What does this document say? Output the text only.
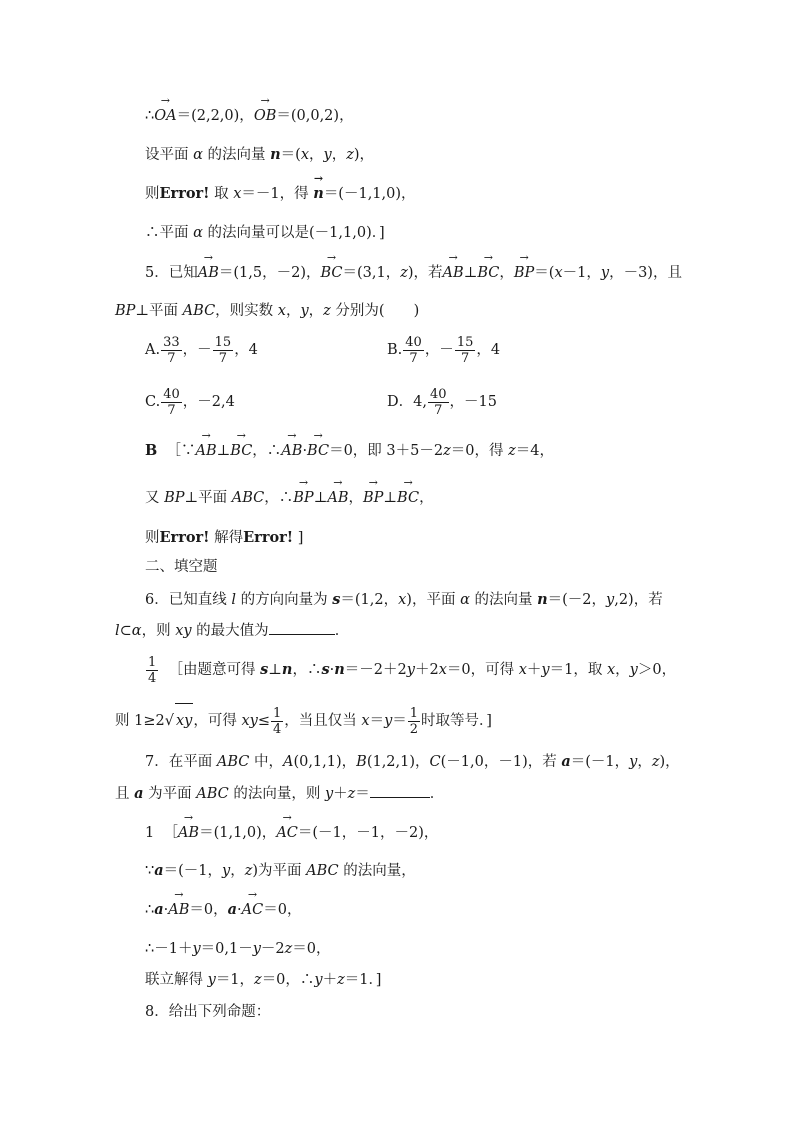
∴→ OA＝(2,2,0)，→ OB＝(0,0,2)，
设平面 α 的法向量 n＝(x，y，z)，
则Error! 取 x＝－1，得 → n＝(－1,1,0)，
∴平面 α 的法向量可以是(－1,1,0)．]
5．已知→ AB＝(1,5，－2)，→ BC＝(3,1，z)，若→ AB⊥→ BC，→ BP＝(x－1，y，－3)，且
BP⊥平面 ABC，则实数 x，y，z 分别为(　　)
A. $\frac{33}{7}$ ，－ $\frac{15}{7}$ ，4	B. $\frac{40}{7}$ ，－ $\frac{15}{7}$ ，4
C. $\frac{40}{7}$ ，－2,4	D．4, $\frac{40}{7}$ ，－15
B ［∵→ AB⊥→ BC，∴→ AB·→ BC＝0，即 3＋5－2z＝0，得 z＝4，
又 BP⊥平面 ABC，∴→ BP⊥→ AB，→ BP⊥→ BC，
则Error! 解得Error! ]
二、填空题
6．已知直线 l 的方向向量为 s＝(1,2，x)，平面 α 的法向量 n＝(－2，y,2)，若
l⊂α，则 xy 的最大值为	．
$\frac{1}{4}$ ［由题意可得 s⊥n，∴s·n＝－2＋2y＋2x＝0，可得 x＋y＝1，取 x，y＞0，
则 1≥2√ xy，可得 $xy\le \frac{1}{4}$ ，当且仅当 $x=y= \frac{1}{2}$ 时取等号．]
7．在平面 ABC 中，A(0,1,1)，B(1,2,1)，C(－1,0，－1)，若 a＝(－1，y，z)，
且 a 为平面 ABC 的法向量，则 y＋z＝	．
1 ［→ AB＝(1,1,0)，→ AC＝(－1，－1，－2)，
∵a＝(－1，y，z)为平面 ABC 的法向量，
∴a·→ AB＝0，a·→ AC＝0，
∴－1＋y＝0,1－y－2z＝0，
联立解得 y＝1，z＝0，∴y＋z＝1．]
8．给出下列命题：
